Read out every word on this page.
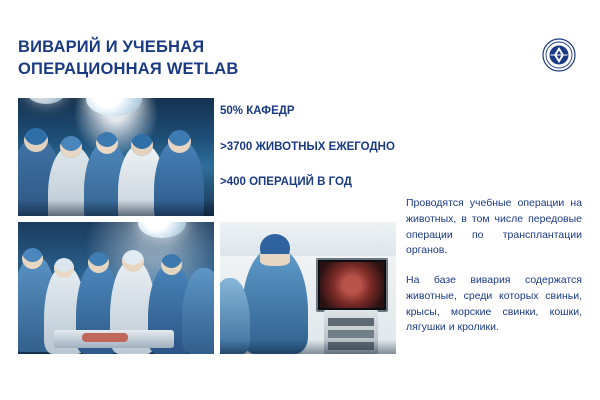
ВИВАРИЙ И УЧЕБНАЯ ОПЕРАЦИОННАЯ WETLAB
50% КАФЕДР
>3700 ЖИВОТНЫХ ЕЖЕГОДНО
>400 ОПЕРАЦИЙ В ГОД

Проводятся учебные операции на животных, в том числе передовые операции по трансплантации органов.

На базе вивария содержатся животные, среди которых свиньи, крысы, морские свинки, кошки, лягушки и кролики.
